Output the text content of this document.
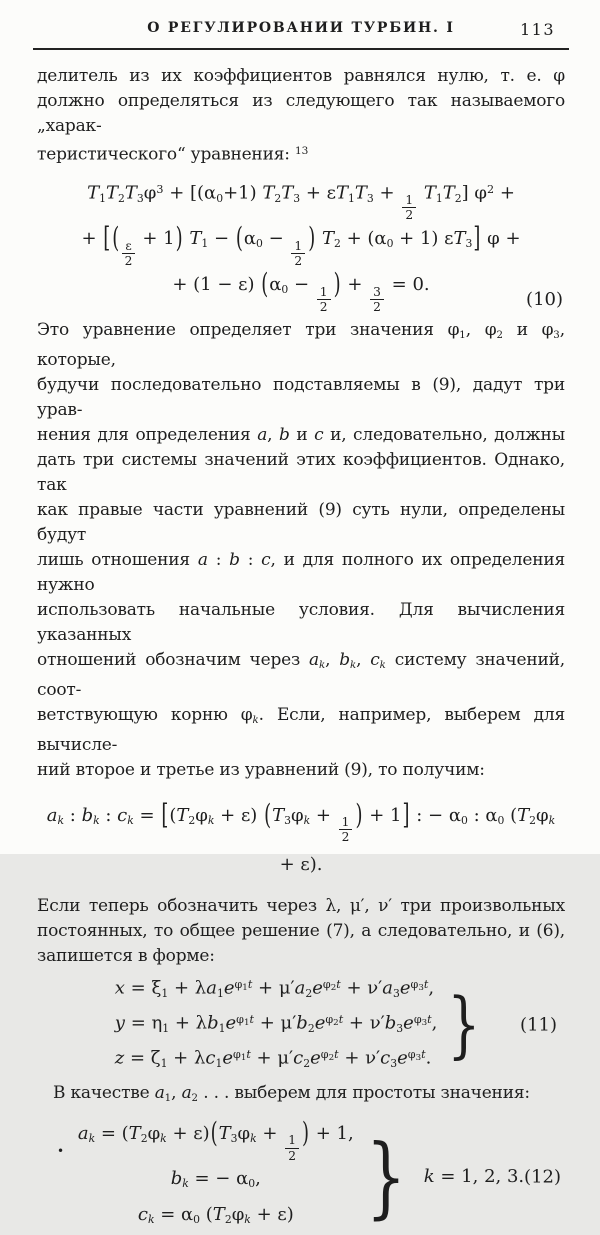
О РЕГУЛИРОВАНИИ ТУРБИН. I	113
делитель из их коэффициентов равнялся нулю, т. е. φ
должно определяться из следующего так называемого „харак-
теристического“ уравнения: $^{13}$
$T_1T_2T_3\varphi^3 + [(\alpha_0+1) T_2T_3 + \varepsilon T_1T_3 + \frac{1}{2} T_1T_2] \varphi^2$ +
+ [ ( $\frac{\varepsilon}{2} + 1$) $T_1 - (\alpha_0 - \frac{1}{2}$ ) $T_2 + (\alpha_0 + 1)$ $\varepsilon T_3$] φ +
+ (1 − ε) ($\alpha_0 - \frac{1}{2}$ ) + $\frac{3}{2} = 0$.
(10)
Это уравнение определяет три значения $\varphi_1$, $\varphi_2$ и $\varphi_3$, которые,
будучи последовательно подставляемы в (9), дадут три урав-
нения для определения a, b и c и, следовательно, должны
дать три системы значений этих коэффициентов. Однако, так
как правые части уравнений (9) суть нули, определены будут
лишь отношения a : b : c, и для полного их определения нужно
использовать начальные условия. Для вычисления указанных
отношений обозначим через $a_k$, $b_k$, $c_k$ систему значений, соот-
ветствующую корню $\varphi_k$. Если, например, выберем для вычисле-
ний второе и третье из уравнений (9), то получим:
$a_k$ : $b_k$ : $c_k = [(T_2\varphi_k + \varepsilon) (T_3\varphi_k + \frac{1}{2}$ ) + 1] : − $\alpha_0$ : $\alpha_0$ $(T_2\varphi_k + \varepsilon)$.
Если теперь обозначить через λ, μ′, ν′ три произвольных
постоянных, то общее решение (7), а следовательно, и (6),
запишется в форме:
$x = \xi_1 + \lambda a_1e^{\varphi_1t} + \mu'a_2e^{\varphi_2t} + \nu'a_3e^{\varphi_3t}$,
$y = \eta_1 + \lambda b_1e^{\varphi_1t} + \mu'b_2e^{\varphi_2t} + \nu'b_3e^{\varphi_3t}$,
$z = \zeta_1 + \lambda c_1e^{\varphi_1t} + \mu'c_2e^{\varphi_2t} + \nu'c_3e^{\varphi_3t}$. } (11)
В качестве $a_1$, $a_2$ . . . выберем для простоты значения:
•
$a_k = (T_2\varphi_k + \varepsilon)(T_3\varphi_k + \frac{1}{2}$ ) + 1,
$b_k$ = − $\alpha_0$,
$c_k = \alpha_0$ $(T_2\varphi_k + \varepsilon)$ } k = 1, 2, 3. (12)
